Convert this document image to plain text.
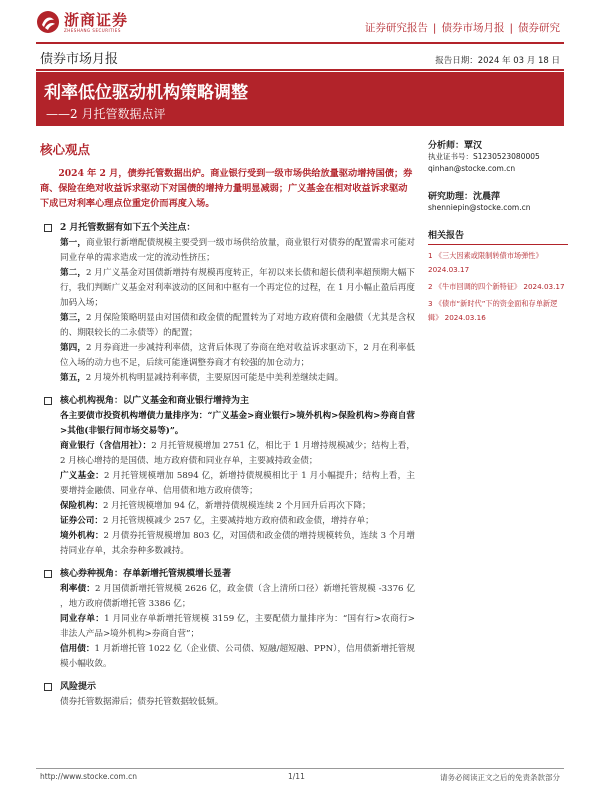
浙商证券
ZHESHANG SECURITIES	证券研究报告 | 债券市场月报 | 债券研究
债券市场月报	报告日期：2024 年 03 月 18 日
利率低位驱动机构策略调整
——2 月托管数据点评
核心观点
2024 年 2 月，债券托管数据出炉。商业银行受到一级市场供给放量驱动增持国债；券商、保险在绝对收益诉求驱动下对国债的增持力量明显减弱；广义基金在相对收益诉求驱动下成已对利率心理点位重定价而再度入场。
2 月托管数据有如下五个关注点：
第一，商业银行新增配债规模主要受到一级市场供给放量，商业银行对债券的配置需求可能对同业存单的需求造成一定的流动性挤压；
第二，2 月广义基金对国债新增持有规模再度转正，年初以来长债和超长债利率超预期大幅下行，我们判断广义基金对利率波动的区间和中枢有一个再定位的过程，在 1 月小幅止盈后再度加码入场；
第三，2 月保险策略明显由对国债和政金债的配置转为了对地方政府债和金融债（尤其是含权的、期限较长的二永债等）的配置；
第四，2 月券商进一步减持利率债，这背后体现了券商在绝对收益诉求驱动下，2 月在利率低位入场的动力也不足，后续可能逢调整券商才有较强的加仓动力；
第五，2 月境外机构明显减持利率债，主要原因可能是中美利差继续走阔。
核心机构视角：以广义基金和商业银行增持为主
各主要债市投资机构增债力量排序为：“广义基金>商业银行>境外机构>保险机构>券商自营>其他(非银行间市场交易等)”。
商业银行（含信用社）：2 月托管规模增加 2751 亿，相比于 1 月增持规模减少；结构上看，2 月核心增持的是国债、地方政府债和同业存单，主要减持政金债；
广义基金：2 月托管规模增加 5894 亿，新增持债规模相比于 1 月小幅提升；结构上看，主要增持金融债、同业存单、信用债和地方政府债等；
保险机构：2 月托管规模增加 94 亿，新增持债规模连续 2 个月回升后再次下降；
证券公司：2 月托管规模减少 257 亿，主要减持地方政府债和政金债，增持存单；
境外机构：2 月债券托管规模增加 803 亿，对国债和政金债的增持规模转负，连续 3 个月增持同业存单，其余券种多数减持。
核心券种视角：存单新增托管规模增长显著
利率债：2 月国债新增托管规模 2626 亿，政金债（含上清所口径）新增托管规模 -3376 亿 ，地方政府债新增托管 3386 亿；
同业存单：1 月同业存单新增托管规模 3159 亿，主要配债力量排序为：“国有行>农商行>非法人产品>境外机构>券商自营”；
信用债：1 月新增托管 1022 亿（企业债、公司债、短融/超短融、PPN），信用债新增托管规模小幅收敛。
风险提示
债券托管数据滞后；债券托管数据较低频。
分析师：覃汉
执业证书号：S1230523080005
qinhan@stocke.com.cn
研究助理：沈晨萍
shenniepin@stocke.com.cn
相关报告
1 《三大因素或限制转债市场弹性》 2024.03.17
2 《牛市回调的四个新特征》 2024.03.17
3 《债市“新时代”下的资金面和存单新逻辑》 2024.03.16
http://www.stocke.com.cn	1/11	请务必阅读正文之后的免责条款部分
